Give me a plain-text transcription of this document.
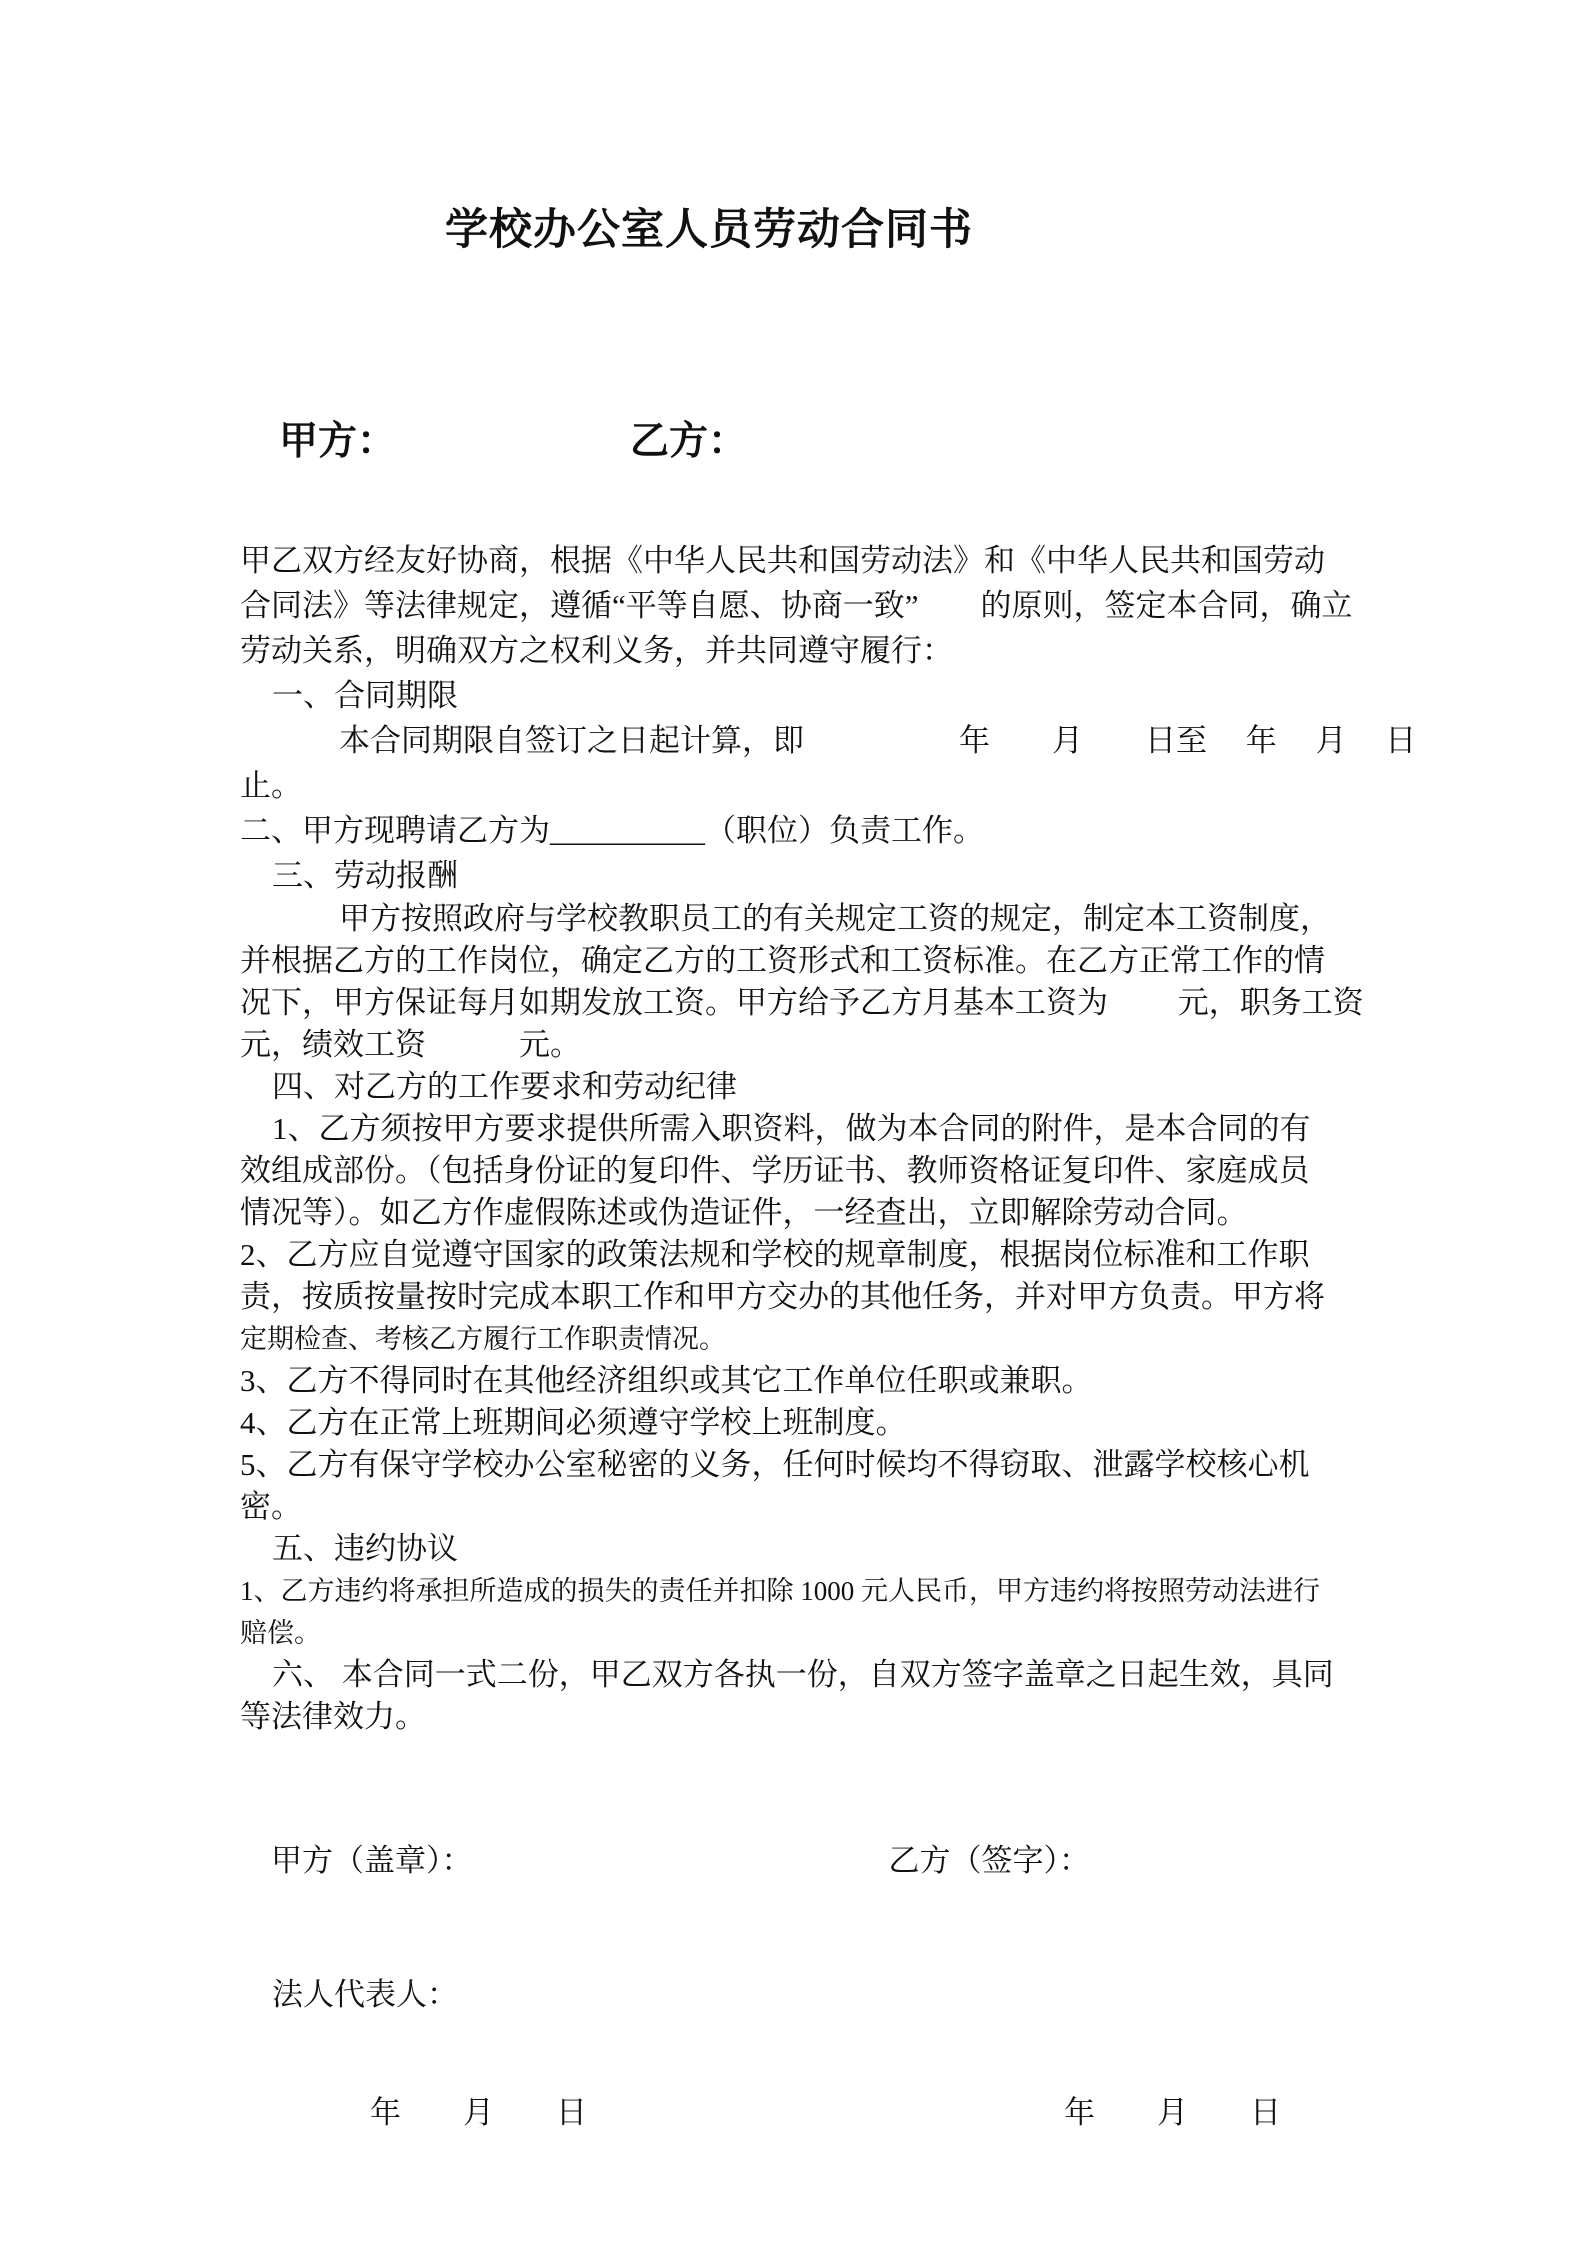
学校办公室人员劳动合同书

甲方：	乙方：

甲乙双方经友好协商，根据《中华人民共和国劳动法》和《中华人民共和国劳动
合同法》等法律规定，遵循“平等自愿、协商一致”　　的原则，签定本合同，确立
劳动关系，明确双方之权利义务，并共同遵守履行：
一、合同期限
本合同期限自签订之日起计算，即　　　　　年　　月　　日至　 年　 月　 日
止。
二、甲方现聘请乙方为__________（职位）负责工作。
三、劳动报酬
甲方按照政府与学校教职员工的有关规定工资的规定，制定本工资制度，
并根据乙方的工作岗位，确定乙方的工资形式和工资标准。在乙方正常工作的情
况下，甲方保证每月如期发放工资。甲方给予乙方月基本工资为　　 元，职务工资
元，绩效工资　　　元。
四、对乙方的工作要求和劳动纪律
1、乙方须按甲方要求提供所需入职资料，做为本合同的附件，是本合同的有
效组成部份。（包括身份证的复印件、学历证书、教师资格证复印件、家庭成员
情况等）。如乙方作虚假陈述或伪造证件，一经查出，立即解除劳动合同。
2、乙方应自觉遵守国家的政策法规和学校的规章制度，根据岗位标准和工作职
责，按质按量按时完成本职工作和甲方交办的其他任务，并对甲方负责。甲方将
定期检查、考核乙方履行工作职责情况。
3、乙方不得同时在其他经济组织或其它工作单位任职或兼职。
4、乙方在正常上班期间必须遵守学校上班制度。
5、乙方有保守学校办公室秘密的义务，任何时候均不得窃取、泄露学校核心机
密。
五、违约协议
1、乙方违约将承担所造成的损失的责任并扣除 1000 元人民币，甲方违约将按照劳动法进行
赔偿。
六、 本合同一式二份，甲乙双方各执一份，自双方签字盖章之日起生效，具同
等法律效力。

甲方（盖章）：	乙方（签字）：

法人代表人：

年　　月　　日	年　　月　　日
